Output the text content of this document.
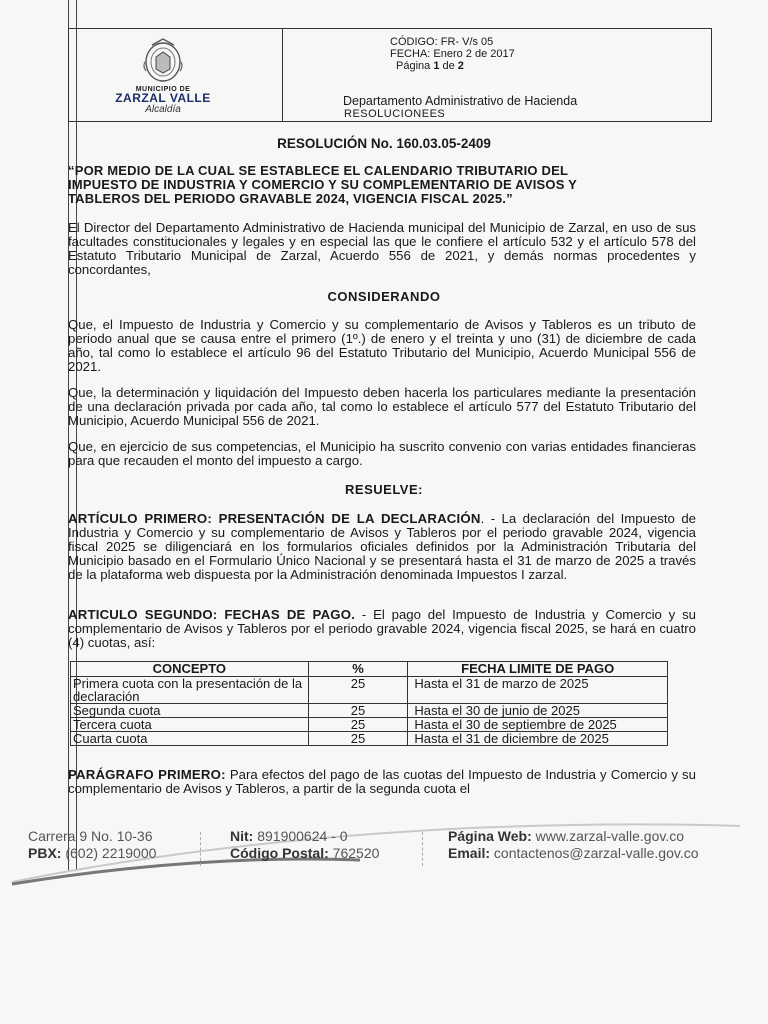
MUNICIPIO DE
ZARZAL VALLE
Alcaldía
CÓDIGO: FR- V/s 05
FECHA: Enero 2 de 2017
Página 1 de 2
Departamento Administrativo de Hacienda
RESOLUCIONEES
RESOLUCIÓN No. 160.03.05-2409
“POR MEDIO DE LA CUAL SE ESTABLECE EL CALENDARIO TRIBUTARIO DEL
IMPUESTO DE INDUSTRIA Y COMERCIO Y SU COMPLEMENTARIO DE AVISOS Y
TABLEROS DEL PERIODO GRAVABLE 2024, VIGENCIA FISCAL 2025.”
El Director del Departamento Administrativo de Hacienda municipal del Municipio de Zarzal, en uso de sus facultades constitucionales y legales y en especial las que le confiere el artículo 532 y el artículo 578 del Estatuto Tributario Municipal de Zarzal, Acuerdo 556 de 2021, y demás normas procedentes y concordantes,
CONSIDERANDO
Que, el Impuesto de Industria y Comercio y su complementario de Avisos y Tableros es un tributo de periodo anual que se causa entre el primero (1º.) de enero y el treinta y uno (31) de diciembre de cada año, tal como lo establece el artículo 96 del Estatuto Tributario del Municipio, Acuerdo Municipal 556 de 2021.
Que, la determinación y liquidación del Impuesto deben hacerla los particulares mediante la presentación de una declaración privada por cada año, tal como lo establece el artículo 577 del Estatuto Tributario del Municipio, Acuerdo Municipal 556 de 2021.
Que, en ejercicio de sus competencias, el Municipio ha suscrito convenio con varias entidades financieras para que recauden el monto del impuesto a cargo.
RESUELVE:
ARTÍCULO PRIMERO: PRESENTACIÓN DE LA DECLARACIÓN. - La declaración del Impuesto de Industria y Comercio y su complementario de Avisos y Tableros por el periodo gravable 2024, vigencia fiscal 2025 se diligenciará en los formularios oficiales definidos por la Administración Tributaria del Municipio basado en el Formulario Único Nacional y se presentará hasta el 31 de marzo de 2025 a través de la plataforma web dispuesta por la Administración denominada Impuestos I zarzal.
ARTICULO SEGUNDO: FECHAS DE PAGO. - El pago del Impuesto de Industria y Comercio y su complementario de Avisos y Tableros por el periodo gravable 2024, vigencia fiscal 2025, se hará en cuatro (4) cuotas, así:
CONCEPTO	%	FECHA LIMITE DE PAGO
Primera cuota con la presentación de la declaración	25	Hasta el 31 de marzo de 2025
Segunda cuota	25	Hasta el 30 de junio de 2025
Tercera cuota	25	Hasta el 30 de septiembre de 2025
Cuarta cuota	25	Hasta el 31 de diciembre de 2025
PARÁGRAFO PRIMERO: Para efectos del pago de las cuotas del Impuesto de Industria y Comercio y su complementario de Avisos y Tableros, a partir de la segunda cuota el
Carrera 9 No. 10-36
PBX: (602) 2219000
Nit: 891900624 - 0
Código Postal: 762520
Página Web: www.zarzal-valle.gov.co
Email: contactenos@zarzal-valle.gov.co
